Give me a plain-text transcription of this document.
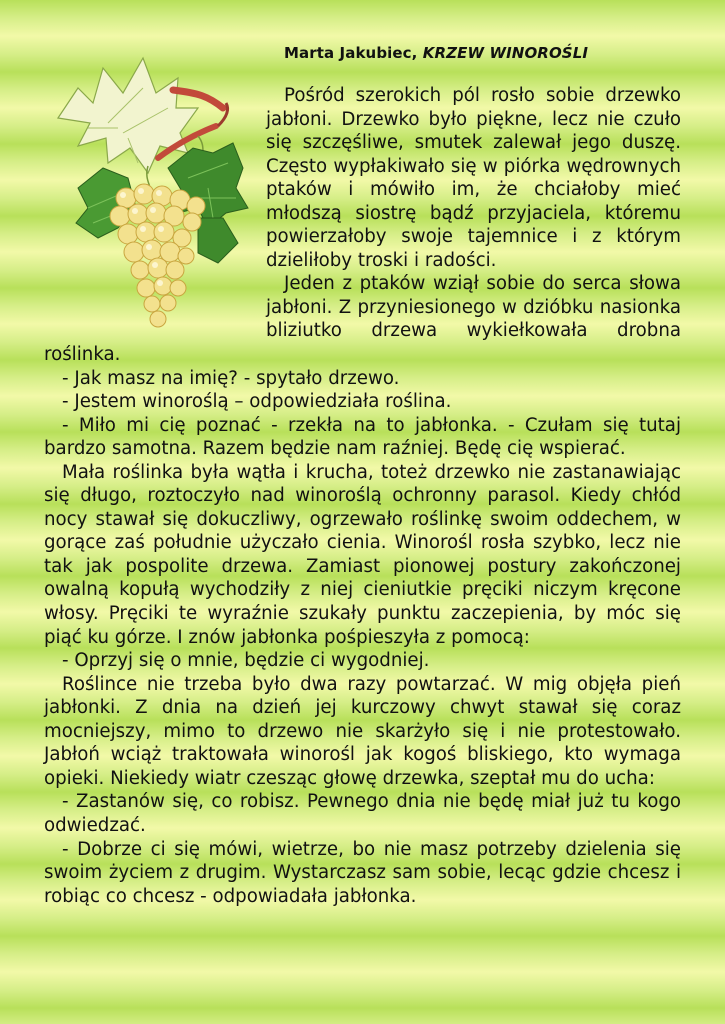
Marta Jakubiec, KRZEW WINOROŚLI

Pośród szerokich pól rosło sobie drzewko jabłoni. Drzewko było piękne, lecz nie czuło się szczęśliwe, smutek zalewał jego duszę. Często wypłakiwało się w piórka wędrownych ptaków i mówiło im, że chciałoby mieć młodszą siostrę bądź przyjaciela, któremu powierzałoby swoje tajemnice i z którym dzieliłoby troski i radości.

Jeden z ptaków wziął sobie do serca słowa jabłoni. Z przyniesionego w dzióbku nasionka bliziutko drzewa wykiełkowała drobna roślinka.

- Jak masz na imię? - spytało drzewo.

- Jestem winoroślą – odpowiedziała roślina.

- Miło mi cię poznać - rzekła na to jabłonka. - Czułam się tutaj bardzo samotna. Razem będzie nam raźniej. Będę cię wspierać.

Mała roślinka była wątła i krucha, toteż drzewko nie zastanawiając się długo, roztoczyło nad winoroślą ochronny parasol. Kiedy chłód nocy stawał się dokuczliwy, ogrzewało roślinkę swoim oddechem, w gorące zaś południe użyczało cienia. Winorośl rosła szybko, lecz nie tak jak pospolite drzewa. Zamiast pionowej postury zakończonej owalną kopułą wychodziły z niej cieniutkie pręciki niczym kręcone włosy. Pręciki te wyraźnie szukały punktu zaczepienia, by móc się piąć ku górze. I znów jabłonka pośpieszyła z pomocą:

- Oprzyj się o mnie, będzie ci wygodniej.

Roślince nie trzeba było dwa razy powtarzać. W mig objęła pień jabłonki. Z dnia na dzień jej kurczowy chwyt stawał się coraz mocniejszy, mimo to drzewo nie skarżyło się i nie protestowało. Jabłoń wciąż traktowała winorośl jak kogoś bliskiego, kto wymaga opieki. Niekiedy wiatr czesząc głowę drzewka, szeptał mu do ucha:

- Zastanów się, co robisz. Pewnego dnia nie będę miał już tu kogo odwiedzać.

- Dobrze ci się mówi, wietrze, bo nie masz potrzeby dzielenia się swoim życiem z drugim. Wystarczasz sam sobie, lecąc gdzie chcesz i robiąc co chcesz - odpowiadała jabłonka.
